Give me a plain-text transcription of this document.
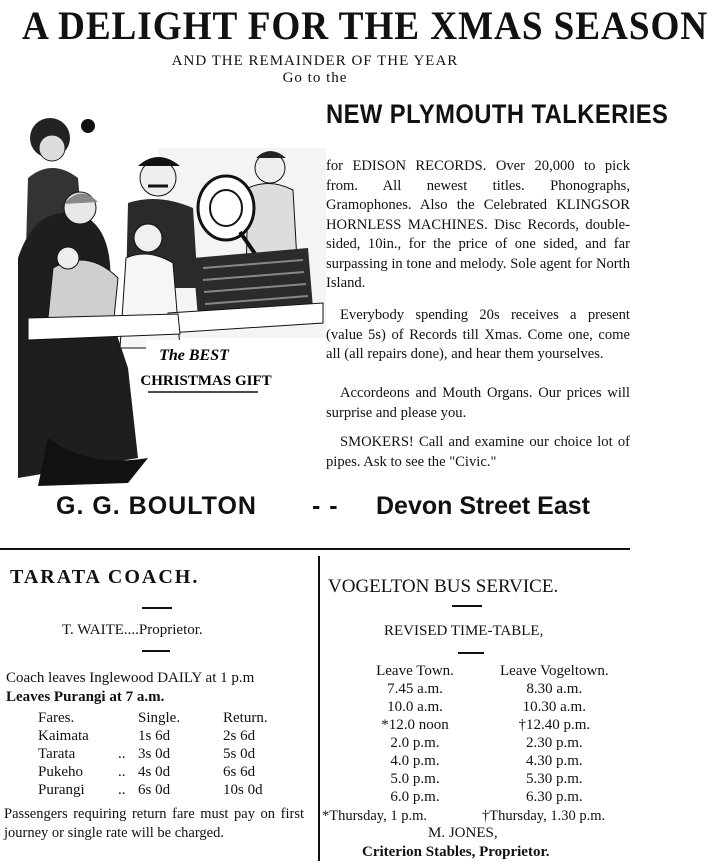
A DELIGHT FOR THE XMAS SEASON
AND THE REMAINDER OF THE YEAR
Go to the
The BEST
CHRISTMAS GIFT
NEW PLYMOUTH TALKERIES
for EDISON RECORDS. Over 20,000 to pick from. All newest titles. Phonographs, Gramophones. Also the Celebrated KLINGSOR HORNLESS MACHINES. Disc Records, double-sided, 10in., for the price of one sided, and far surpassing in tone and melody. Sole agent for North Island.
Everybody spending 20s receives a present (value 5s) of Records till Xmas. Come one, come all (all repairs done), and hear them yourselves.
Accordeons and Mouth Organs. Our prices will surprise and please you.
SMOKERS! Call and examine our choice lot of pipes. Ask to see the "Civic."
G. G. BOULTON - - Devon Street East
TARATA COACH.
T. WAITE....Proprietor.
Coach leaves Inglewood DAILY at 1 p.m
Leaves Purangi at 7 a.m.
Fares.		Single.	Return.
Kaimata		1s 6d	2s 6d
Tarata	..	3s 0d	5s 0d
Pukeho	..	4s 0d	6s 6d
Purangi	..	6s 0d	10s 0d
Passengers requiring return fare must pay on first journey or single rate will be charged.
VOGELTON BUS SERVICE.
REVISED TIME-TABLE,
Leave Town.	Leave Vogeltown.
7.45 a.m.	8.30 a.m.
10.0 a.m.	10.30 a.m.
*12.0 noon	†12.40 p.m.
2.0 p.m.	2.30 p.m.
4.0 p.m.	4.30 p.m.
5.0 p.m.	5.30 p.m.
6.0 p.m.	6.30 p.m.
*Thursday, 1 p.m.	†Thursday, 1.30 p.m.
M. JONES,
Criterion Stables, Proprietor.
